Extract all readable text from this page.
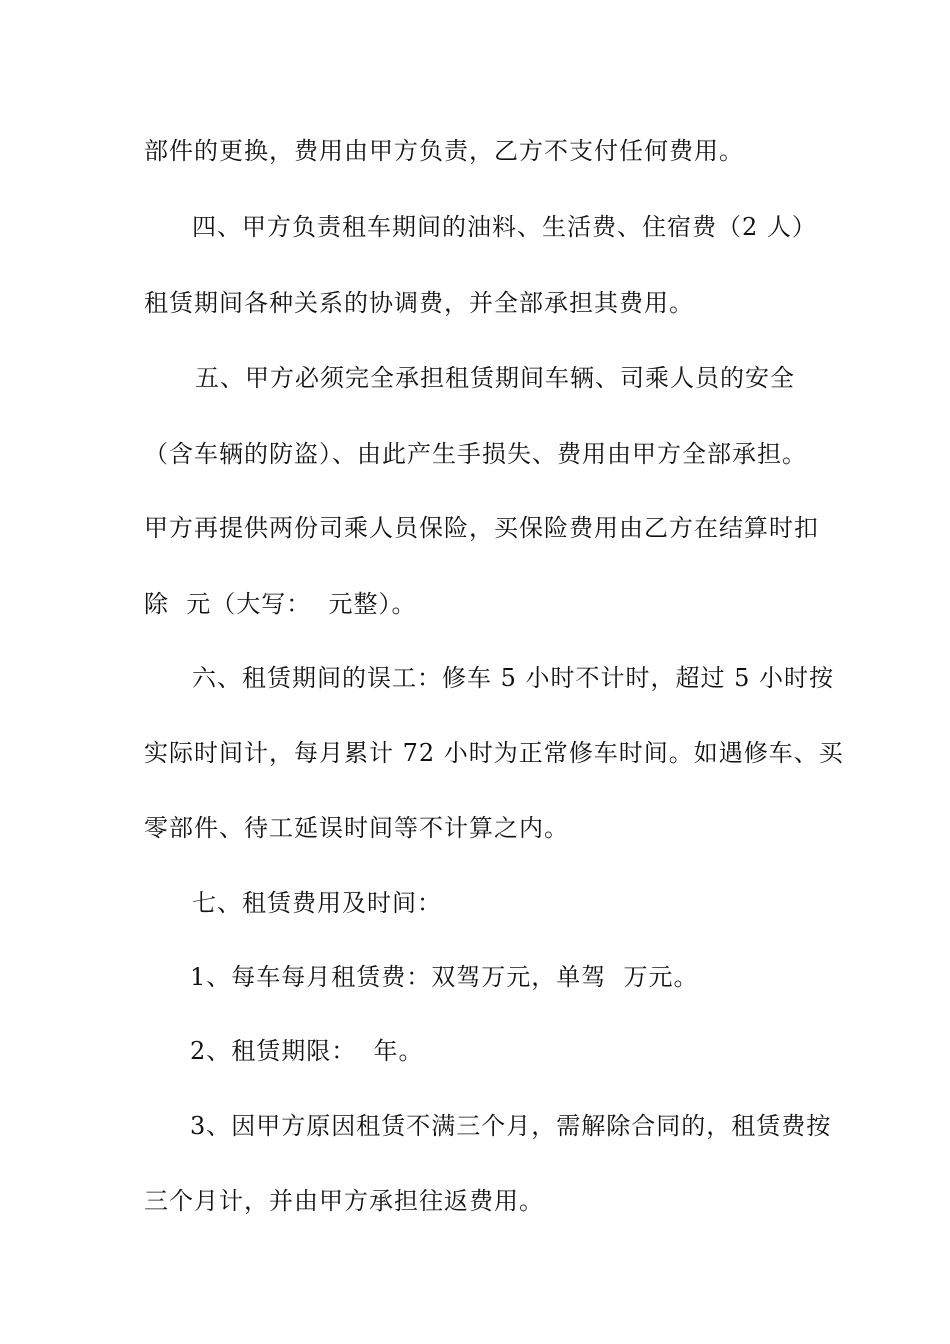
部件的更换，费用由甲方负责，乙方不支付任何费用。
四、甲方负责租车期间的油料、生活费、住宿费（2 人）
租赁期间各种关系的协调费，并全部承担其费用。
五、甲方必须完全承担租赁期间车辆、司乘人员的安全
（含车辆的防盗）、由此产生手损失、费用由甲方全部承担。
甲方再提供两份司乘人员保险，买保险费用由乙方在结算时扣
除  元（大写：  元整）。
六、租赁期间的误工：修车 5 小时不计时，超过 5 小时按
实际时间计，每月累计 72 小时为正常修车时间。如遇修车、买
零部件、待工延误时间等不计算之内。
七、租赁费用及时间：
1、每车每月租赁费：双驾万元，单驾  万元。
2、租赁期限：  年。
3、因甲方原因租赁不满三个月，需解除合同的，租赁费按
三个月计，并由甲方承担往返费用。
